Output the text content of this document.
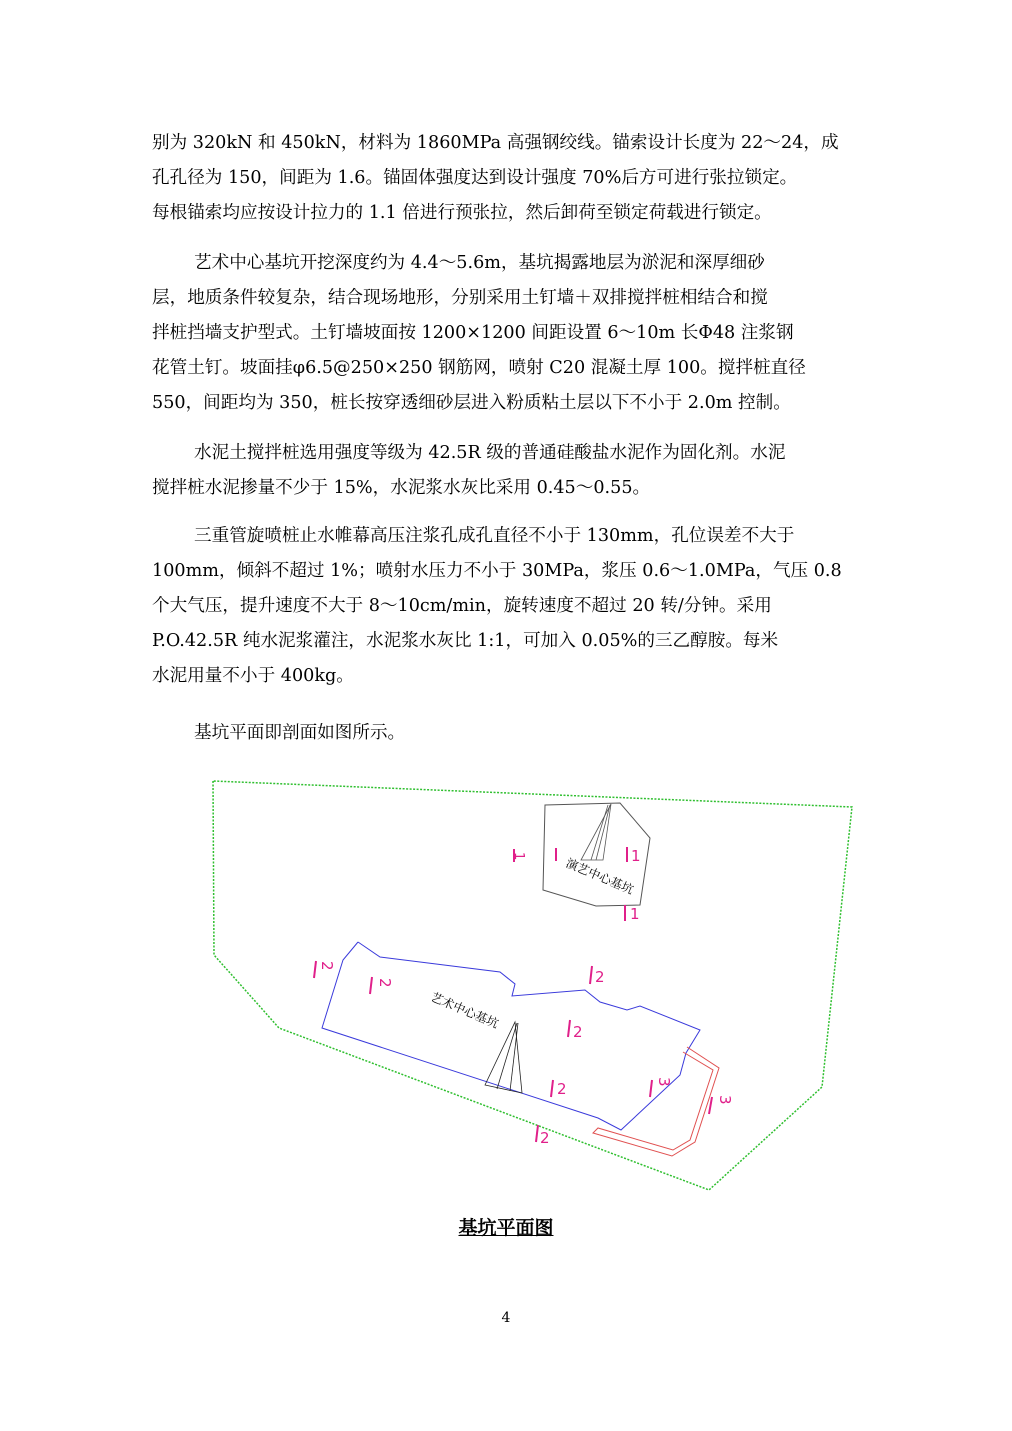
别为 320kN 和 450kN，材料为 1860MPa 高强钢绞线。锚索设计长度为 22～24，成
孔孔径为 150，间距为 1.6。锚固体强度达到设计强度 70%后方可进行张拉锁定。
每根锚索均应按设计拉力的 1.1 倍进行预张拉，然后卸荷至锁定荷载进行锁定。
艺术中心基坑开挖深度约为 4.4～5.6m，基坑揭露地层为淤泥和深厚细砂
层，地质条件较复杂，结合现场地形，分别采用土钉墙＋双排搅拌桩相结合和搅
拌桩挡墙支护型式。土钉墙坡面按 1200×1200 间距设置 6～10m 长Φ48 注浆钢
花管土钉。坡面挂φ6.5@250×250 钢筋网，喷射 C20 混凝土厚 100。搅拌桩直径
550，间距均为 350，桩长按穿透细砂层进入粉质粘土层以下不小于 2.0m 控制。
水泥土搅拌桩选用强度等级为 42.5R 级的普通硅酸盐水泥作为固化剂。水泥
搅拌桩水泥掺量不少于 15%，水泥浆水灰比采用 0.45～0.55。
三重管旋喷桩止水帷幕高压注浆孔成孔直径不小于 130mm，孔位误差不大于
100mm，倾斜不超过 1%；喷射水压力不小于 30MPa，浆压 0.6～1.0MPa，气压 0.8
个大气压，提升速度不大于 8～10cm/min，旋转速度不超过 20 转/分钟。采用
P.O.42.5R 纯水泥浆灌注，水泥浆水灰比 1:1，可加入 0.05%的三乙醇胺。每米
水泥用量不小于 400kg。
基坑平面即剖面如图所示。
演艺中心基坑
艺术中心基坑
1	1
1
2
2	2
2
2
2
3
3
基坑平面图
4
